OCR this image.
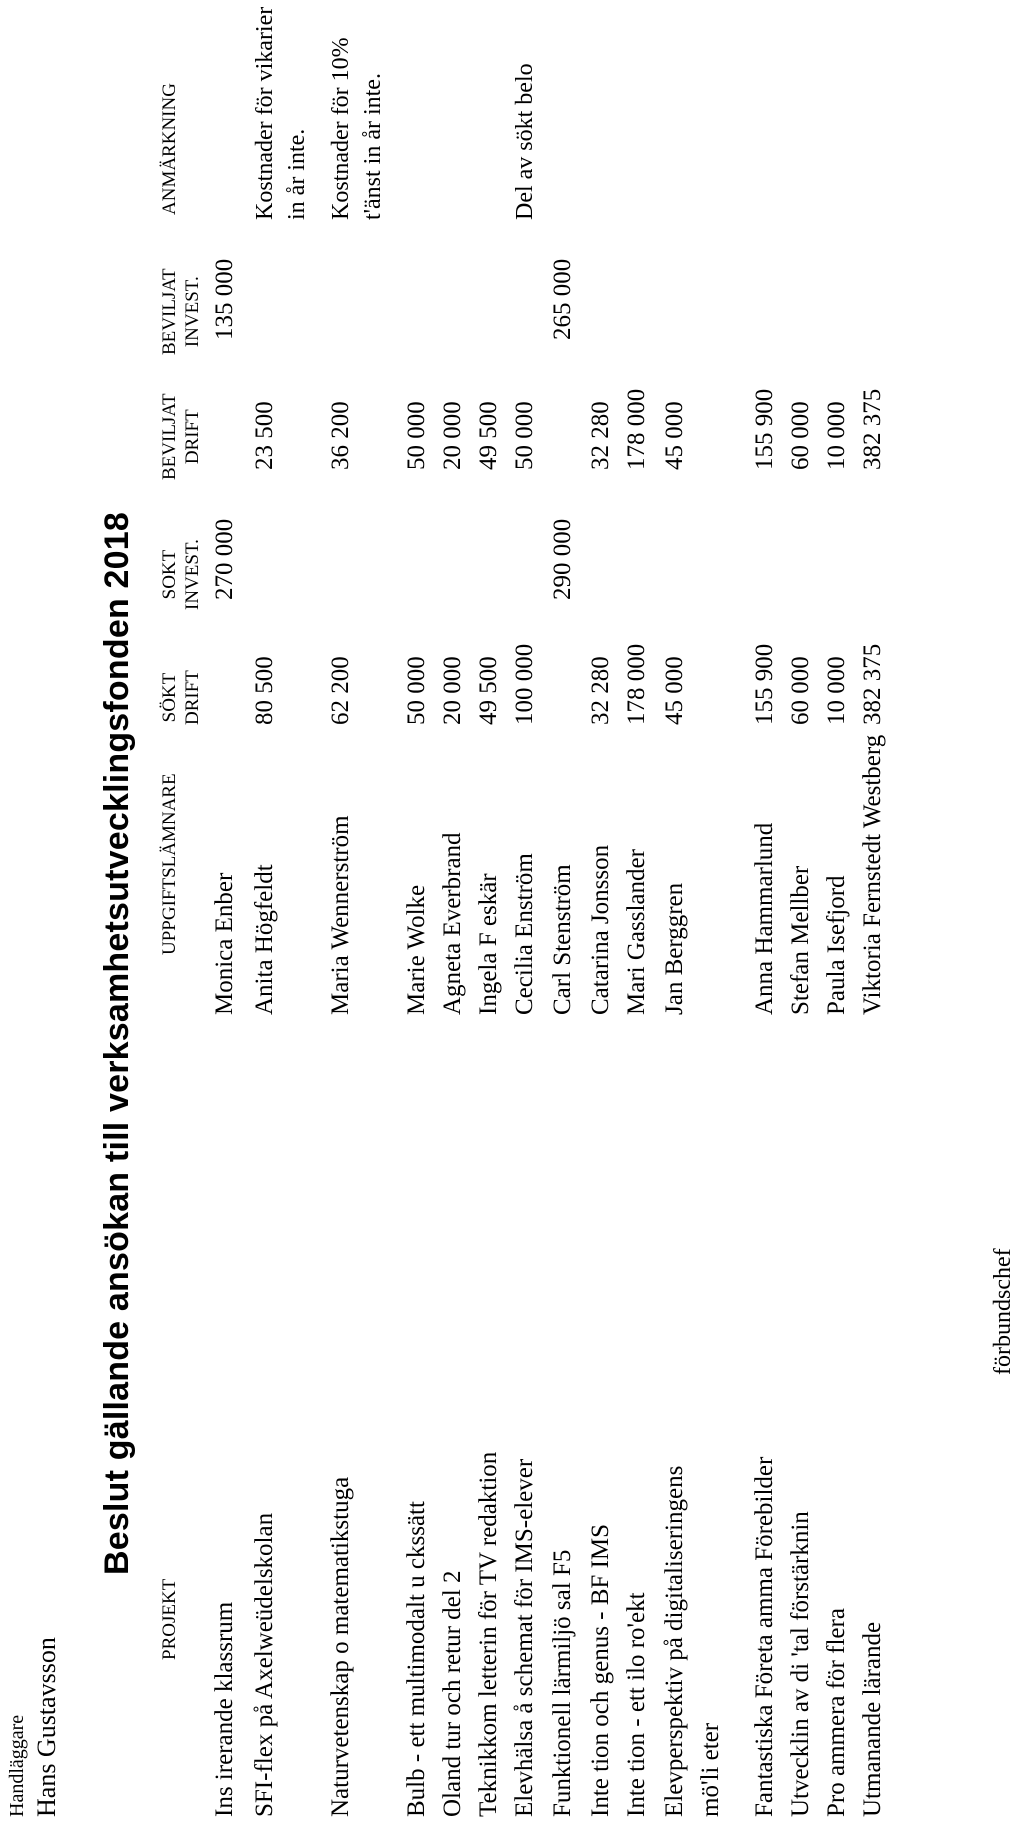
Handläggare Hans Gustavsson
Beslut gällande ansökan till verksamhetsutvecklingsfonden 2018
PROJEKT
UPPGIFTSLÄMNARE
SÖKT DRIFT
SOKT INVEST.
BEVILJAT DRIFT
BEVILJAT INVEST.
ANMÄRKNING
Ins irerande klassrum
Monica Enber
270 000
135 000
SFI-flex på Axelweüdelskolan
Anita Högfeldt
80 500
23 500
Kostnader för vikarier in år inte.
Naturvetenskap o matematikstuga
Maria Wennerström
62 200
36 200
Kostnader för 10% t'änst in år inte.
Bulb - ett multimodalt u ckssätt
Marie Wolke
50 000
50 000
Oland tur och retur del 2
Agneta Everbrand
20 000
20 000
Teknikkom letterin för TV redaktion
Ingela F eskär
49 500
49 500
Elevhälsa å schemat för IMS-elever
Cecilia Enström
100 000
50 000
Del av sökt belo
Funktionell lärmiljö sal F5
Carl Stenström
290 000
265 000
Inte tion och genus - BF IMS
Catarina Jonsson
32 280
32 280
Inte tion - ett ilo ro'ekt
Mari Gasslander
178 000
178 000
Elevperspektiv på digitaliseringens
Jan Berggren
45 000
45 000
mö'li eter Fantastiska Företa amma Förebilder
Anna Hammarlund
155 900
155 900
Utvecklin av di 'tal förstärknin
Stefan Mellber
60 000
60 000
Pro ammera för flera
Paula Isefjord
10 000
10 000
Utmanande lärande
Viktoria Fernstedt Westberg
382 375
382 375
förbundschef
